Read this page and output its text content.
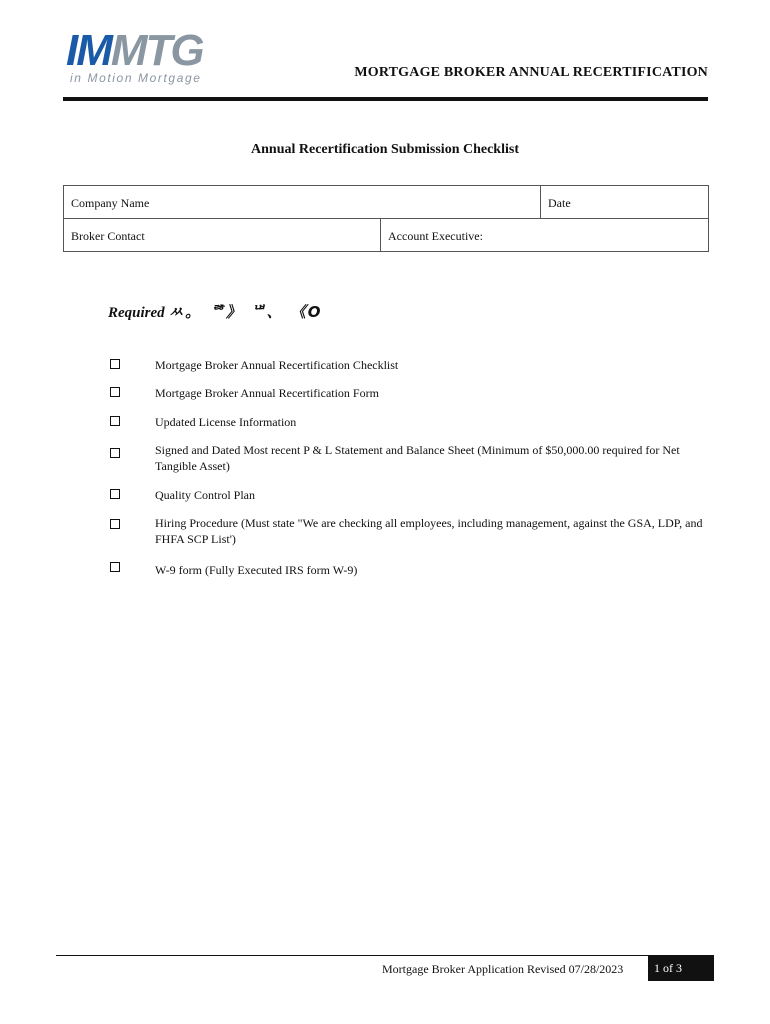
IMMTG
in Motion Mortgage	MORTGAGE BROKER ANNUAL RECERTIFICATION
Annual Recertification Submission Checklist
Company Name		Date
Broker Contact	Account Executive:	
Required ㅆ。 ᄚ》 ᄖ、 《Ο
Mortgage Broker Annual Recertification Checklist
Mortgage Broker Annual Recertification Form
Updated License Information
Signed and Dated Most recent P & L Statement and Balance Sheet (Minimum of $50,000.00 required for Net Tangible Asset)
Quality Control Plan
Hiring Procedure (Must state "We are checking all employees, including management, against the GSA, LDP, and FHFA SCP List')
W-9 form (Fully Executed IRS form W-9)
Mortgage Broker Application Revised 07/28/2023	1 of 3
